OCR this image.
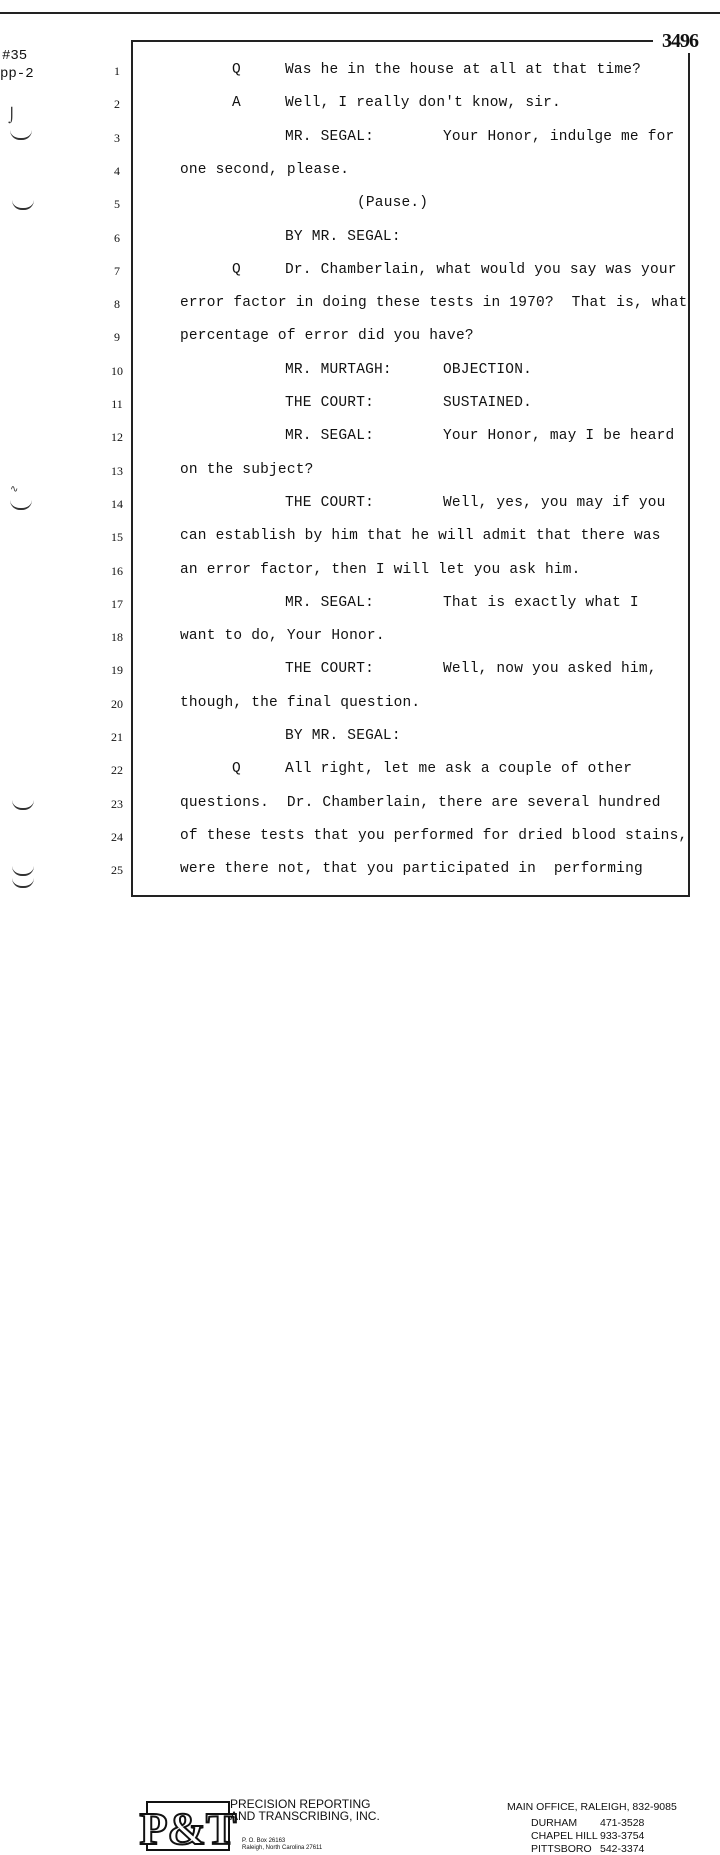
#35
pp-2
⌡
∿
3496
1	Q	Was he in the house at all at that time?
2	A	Well, I really don't know, sir.
3	MR. SEGAL:	Your Honor, indulge me for
4	one second, please.
5	(Pause.)
6	BY MR. SEGAL:
7	Q	Dr. Chamberlain, what would you say was your
8	error factor in doing these tests in 1970?  That is, what
9	percentage of error did you have?
10	MR. MURTAGH:	OBJECTION.
11	THE COURT:	SUSTAINED.
12	MR. SEGAL:	Your Honor, may I be heard
13	on the subject?
14	THE COURT:	Well, yes, you may if you
15	can establish by him that he will admit that there was
16	an error factor, then I will let you ask him.
17	MR. SEGAL:	That is exactly what I
18	want to do, Your Honor.
19	THE COURT:	Well, now you asked him,
20	though, the final question.
21	BY MR. SEGAL:
22	Q	All right, let me ask a couple of other
23	questions.  Dr. Chamberlain, there are several hundred
24	of these tests that you performed for dried blood stains,
25	were there not, that you participated in  performing
P&T
PRECISION REPORTING
AND TRANSCRIBING, INC.
P. O. Box 26163
Raleigh, North Carolina 27611
MAIN OFFICE, RALEIGH, 832-9085
DURHAM 471-3528
CHAPEL HILL 933-3754
PITTSBORO 542-3374
